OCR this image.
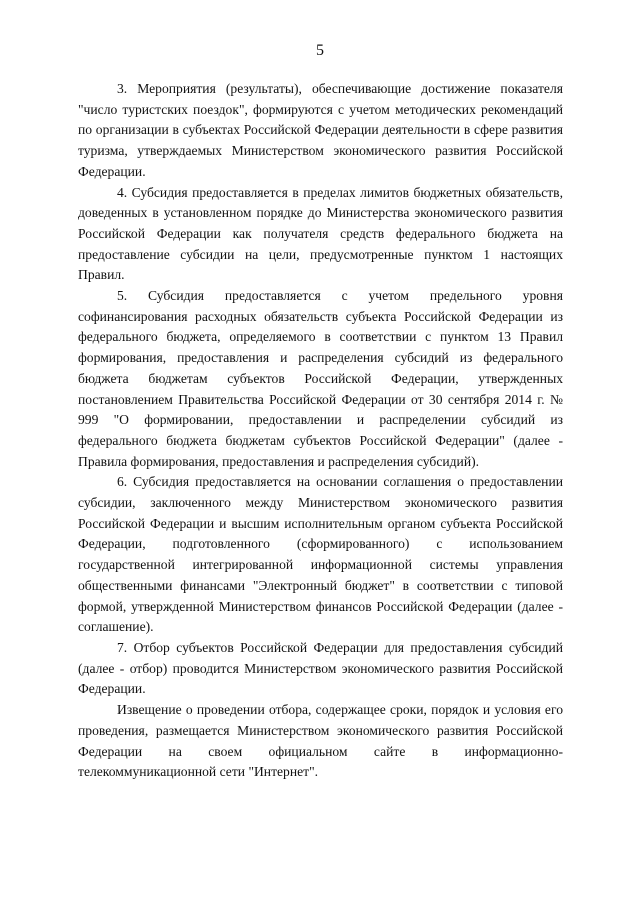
5

3. Мероприятия (результаты), обеспечивающие достижение показателя "число туристских поездок", формируются с учетом методических рекомендаций по организации в субъектах Российской Федерации деятельности в сфере развития туризма, утверждаемых Министерством экономического развития Российской Федерации.

4. Субсидия предоставляется в пределах лимитов бюджетных обязательств, доведенных в установленном порядке до Министерства экономического развития Российской Федерации как получателя средств федерального бюджета на предоставление субсидии на цели, предусмотренные пунктом 1 настоящих Правил.

5. Субсидия предоставляется с учетом предельного уровня софинансирования расходных обязательств субъекта Российской Федерации из федерального бюджета, определяемого в соответствии с пунктом 13 Правил формирования, предоставления и распределения субсидий из федерального бюджета бюджетам субъектов Российской Федерации, утвержденных постановлением Правительства Российской Федерации от 30 сентября 2014 г. № 999 "О формировании, предоставлении и распределении субсидий из федерального бюджета бюджетам субъектов Российской Федерации" (далее - Правила формирования, предоставления и распределения субсидий).

6. Субсидия предоставляется на основании соглашения о предоставлении субсидии, заключенного между Министерством экономического развития Российской Федерации и высшим исполнительным органом субъекта Российской Федерации, подготовленного (сформированного) с использованием государственной интегрированной информационной системы управления общественными финансами "Электронный бюджет" в соответствии с типовой формой, утвержденной Министерством финансов Российской Федерации (далее - соглашение).

7. Отбор субъектов Российской Федерации для предоставления субсидий (далее - отбор) проводится Министерством экономического развития Российской Федерации.

Извещение о проведении отбора, содержащее сроки, порядок и условия его проведения, размещается Министерством экономического развития Российской Федерации на своем официальном сайте в информационно-телекоммуникационной сети "Интернет".
